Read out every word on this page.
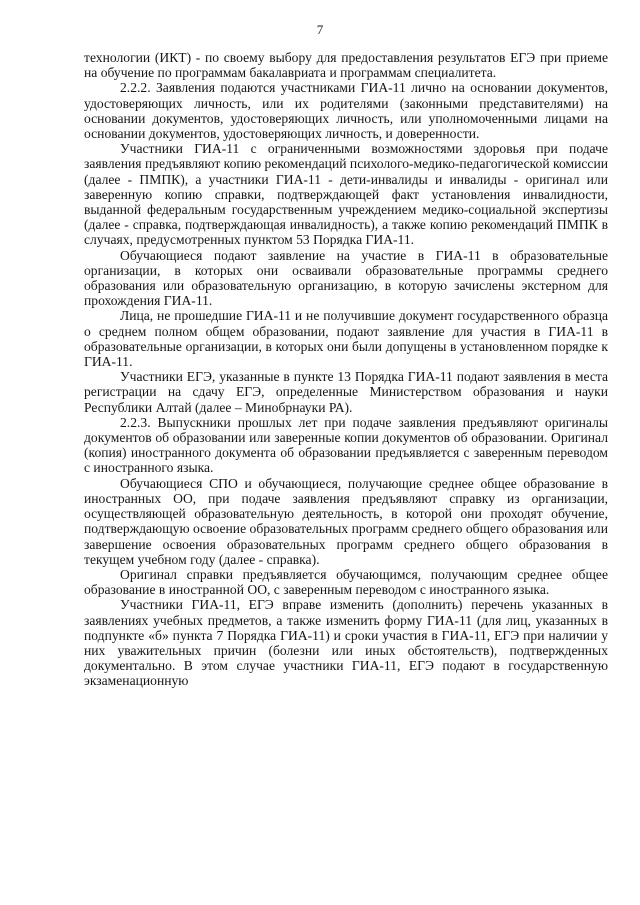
7

технологии (ИКТ) - по своему выбору для предоставления результатов ЕГЭ при приеме на обучение по программам бакалавриата и программам специалитета.

2.2.2. Заявления подаются участниками ГИА-11 лично на основании документов, удостоверяющих личность, или их родителями (законными представителями) на основании документов, удостоверяющих личность, или уполномоченными лицами на основании документов, удостоверяющих личность, и доверенности.

Участники ГИА-11 с ограниченными возможностями здоровья при подаче заявления предъявляют копию рекомендаций психолого-медико-педагогической комиссии (далее - ПМПК), а участники ГИА-11 - дети-инвалиды и инвалиды - оригинал или заверенную копию справки, подтверждающей факт установления инвалидности, выданной федеральным государственным учреждением медико-социальной экспертизы (далее - справка, подтверждающая инвалидность), а также копию рекомендаций ПМПК в случаях, предусмотренных пунктом 53 Порядка ГИА-11.

Обучающиеся подают заявление на участие в ГИА-11 в образовательные организации, в которых они осваивали образовательные программы среднего образования или образовательную организацию, в которую зачислены экстерном для прохождения ГИА-11.

Лица, не прошедшие ГИА-11 и не получившие документ государственного образца о среднем полном общем образовании, подают заявление для участия в ГИА-11 в образовательные организации, в которых они были допущены в установленном порядке к ГИА-11.

Участники ЕГЭ, указанные в пункте 13 Порядка ГИА-11 подают заявления в места регистрации на сдачу ЕГЭ, определенные Министерством образования и науки Республики Алтай (далее – Минобрнауки РА).

2.2.3. Выпускники прошлых лет при подаче заявления предъявляют оригиналы документов об образовании или заверенные копии документов об образовании. Оригинал (копия) иностранного документа об образовании предъявляется с заверенным переводом с иностранного языка.

Обучающиеся СПО и обучающиеся, получающие среднее общее образование в иностранных ОО, при подаче заявления предъявляют справку из организации, осуществляющей образовательную деятельность, в которой они проходят обучение, подтверждающую освоение образовательных программ среднего общего образования или завершение освоения образовательных программ среднего общего образования в текущем учебном году (далее - справка).

Оригинал справки предъявляется обучающимся, получающим среднее общее образование в иностранной ОО, с заверенным переводом с иностранного языка.

Участники ГИА-11, ЕГЭ вправе изменить (дополнить) перечень указанных в заявлениях учебных предметов, а также изменить форму ГИА-11 (для лиц, указанных в подпункте «б» пункта 7 Порядка ГИА-11) и сроки участия в ГИА-11, ЕГЭ при наличии у них уважительных причин (болезни или иных обстоятельств), подтвержденных документально. В этом случае участники ГИА-11, ЕГЭ подают в государственную экзаменационную
